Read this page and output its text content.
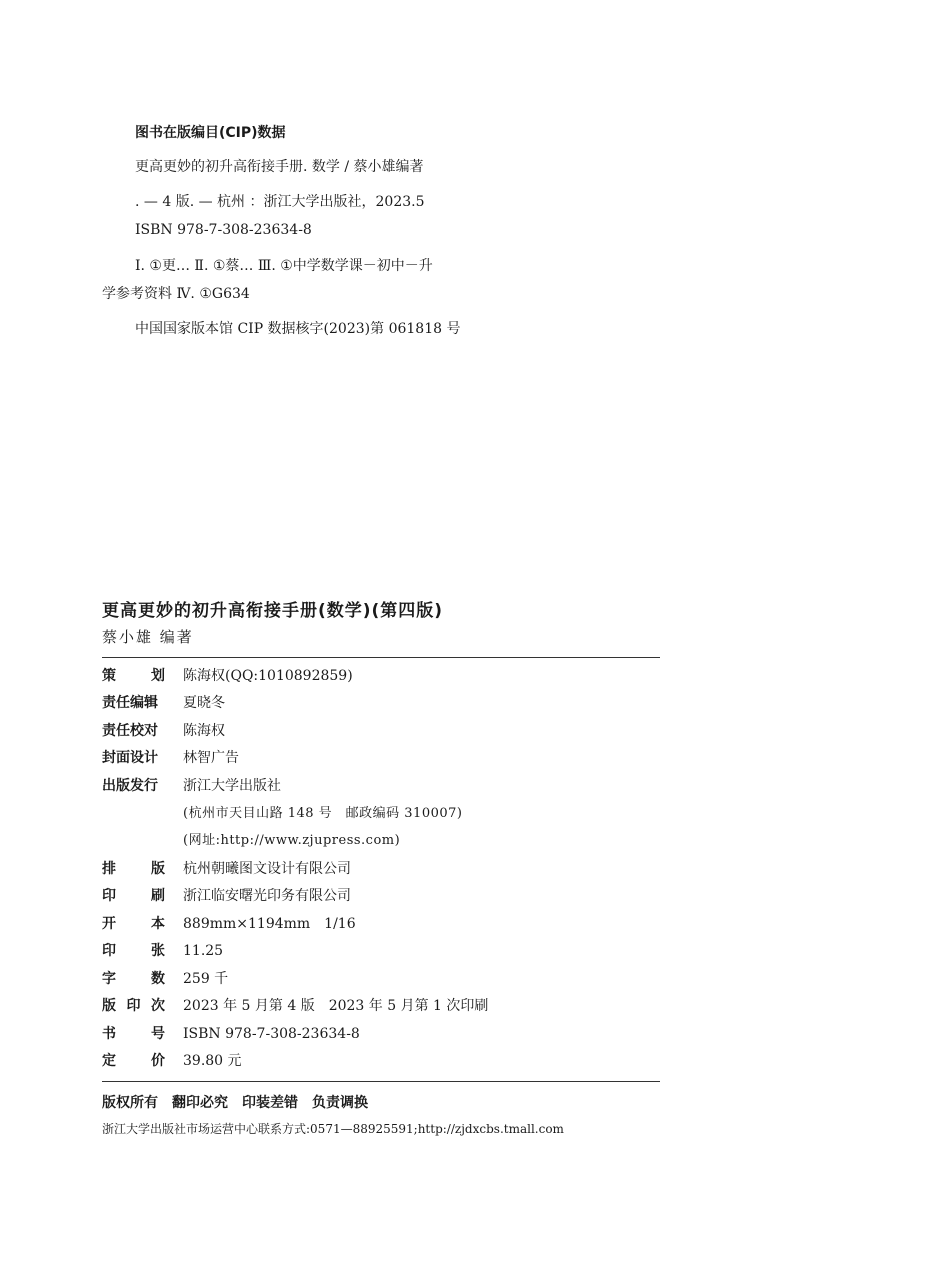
图书在版编目(CIP)数据
更高更妙的初升高衔接手册. 数学 / 蔡小雄编著
. — 4 版. — 杭州 ：浙江大学出版社，2023.5
ISBN 978-7-308-23634-8
Ⅰ. ①更… Ⅱ. ①蔡… Ⅲ. ①中学数学课－初中－升
学参考资料 Ⅳ. ①G634
中国国家版本馆 CIP 数据核字(2023)第 061818 号
更高更妙的初升高衔接手册(数学)(第四版)
蔡小雄 编著
策	划 陈海权(QQ:1010892859)
责任编辑	夏晓冬
责任校对	陈海权
封面设计	林智广告
出版发行	浙江大学出版社
(杭州市天目山路 148 号　邮政编码 310007)
(网址:http://www.zjupress.com)
排	版 杭州朝曦图文设计有限公司
印	刷 浙江临安曙光印务有限公司
开	本 889mm×1194mm　1/16
印	张 11.25
字	数 259 千
版 印 次 2023 年 5 月第 4 版　2023 年 5 月第 1 次印刷
书	号 ISBN 978-7-308-23634-8
定	价 39.80 元
版权所有　翻印必究　印装差错　负责调换
浙江大学出版社市场运营中心联系方式:0571—88925591;http://zjdxcbs.tmall.com
